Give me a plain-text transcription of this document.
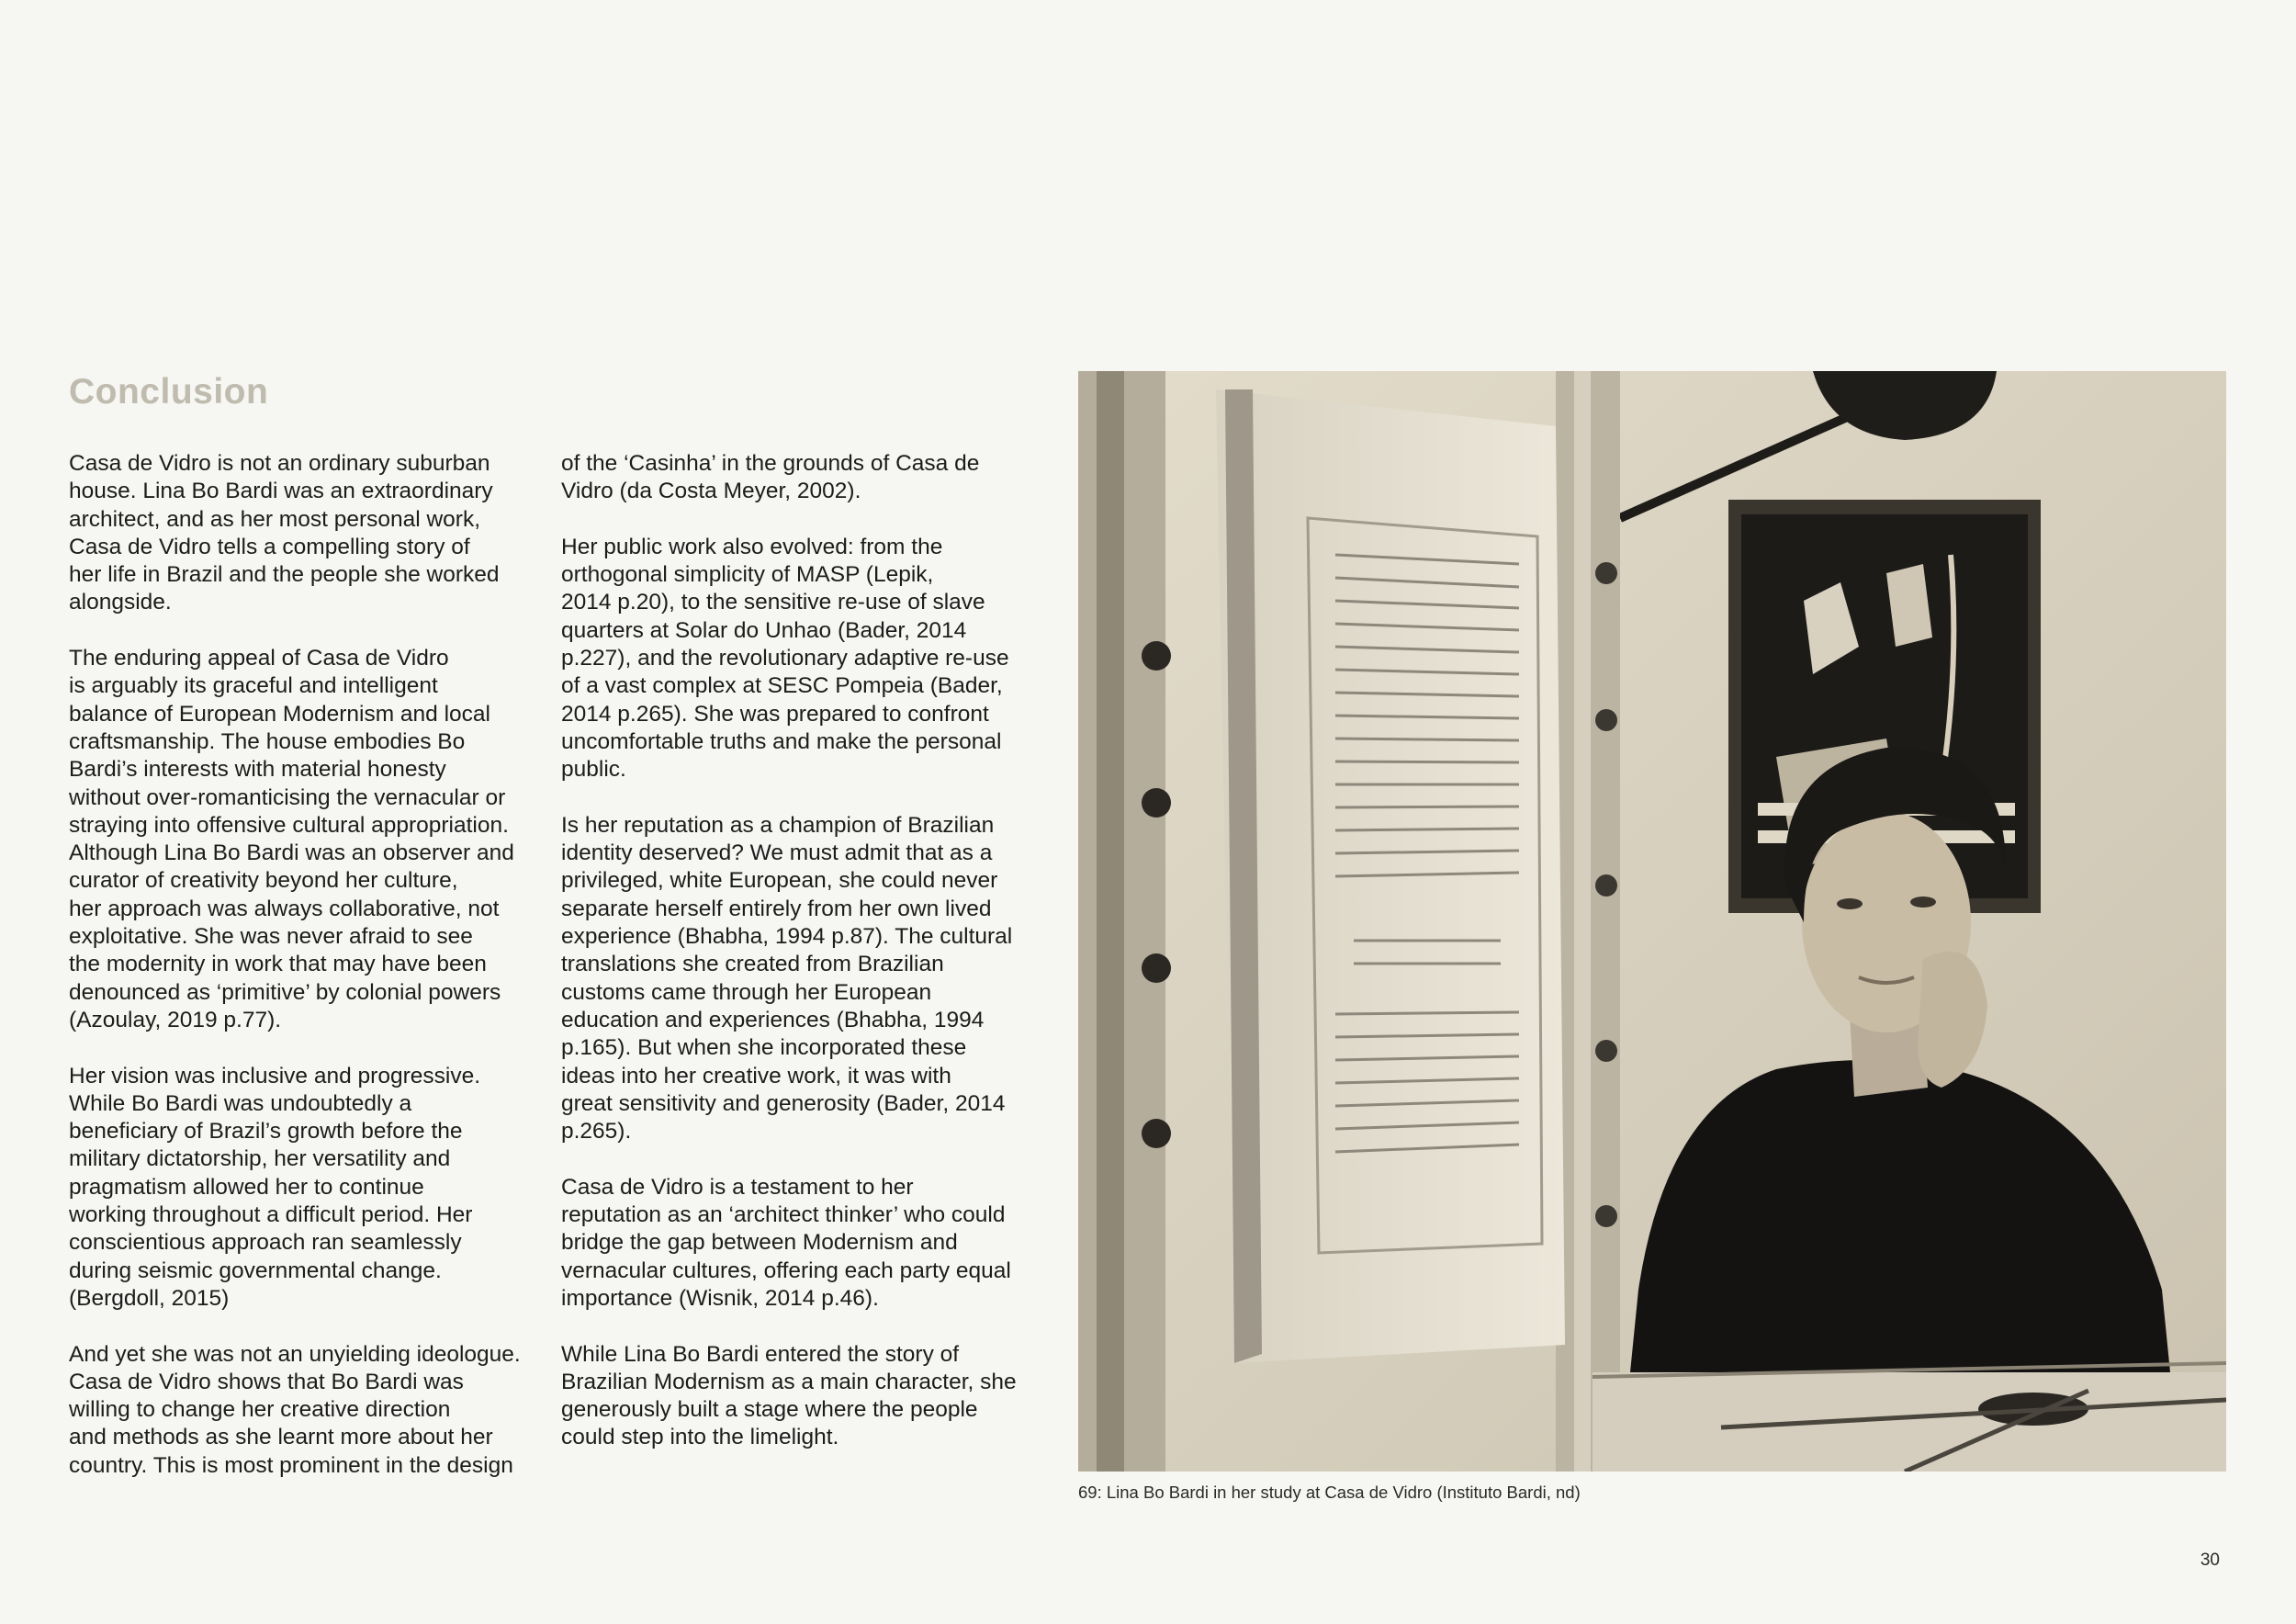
Conclusion

Casa de Vidro is not an ordinary suburban
house. Lina Bo Bardi was an extraordinary
architect, and as her most personal work,
Casa de Vidro tells a compelling story of
her life in Brazil and the people she worked
alongside.

The enduring appeal of Casa de Vidro
is arguably its graceful and intelligent
balance of European Modernism and local
craftsmanship. The house embodies Bo
Bardi’s interests with material honesty
without over-romanticising the vernacular or
straying into offensive cultural appropriation.
Although Lina Bo Bardi was an observer and
curator of creativity beyond her culture,
her approach was always collaborative, not
exploitative. She was never afraid to see
the modernity in work that may have been
denounced as ‘primitive’ by colonial powers
(Azoulay, 2019 p.77).

Her vision was inclusive and progressive.
While Bo Bardi was undoubtedly a
beneficiary of Brazil’s growth before the
military dictatorship, her versatility and
pragmatism allowed her to continue
working throughout a difficult period. Her
conscientious approach ran seamlessly
during seismic governmental change.
(Bergdoll, 2015)

And yet she was not an unyielding ideologue.
Casa de Vidro shows that Bo Bardi was
willing to change her creative direction
and methods as she learnt more about her
country. This is most prominent in the design

of the ‘Casinha’ in the grounds of Casa de
Vidro (da Costa Meyer, 2002).

Her public work also evolved: from the
orthogonal simplicity of MASP (Lepik,
2014 p.20), to the sensitive re-use of slave
quarters at Solar do Unhao (Bader, 2014
p.227), and the revolutionary adaptive re-use
of a vast complex at SESC Pompeia (Bader,
2014 p.265). She was prepared to confront
uncomfortable truths and make the personal
public.

Is her reputation as a champion of Brazilian
identity deserved? We must admit that as a
privileged, white European, she could never
separate herself entirely from her own lived
experience (Bhabha, 1994 p.87). The cultural
translations she created from Brazilian
customs came through her European
education and experiences (Bhabha, 1994
p.165). But when she incorporated these
ideas into her creative work, it was with
great sensitivity and generosity (Bader, 2014
p.265).

Casa de Vidro is a testament to her
reputation as an ‘architect thinker’ who could
bridge the gap between Modernism and
vernacular cultures, offering each party equal
importance (Wisnik, 2014 p.46).

While Lina Bo Bardi entered the story of
Brazilian Modernism as a main character, she
generously built a stage where the people
could step into the limelight.

69: Lina Bo Bardi in her study at Casa de Vidro (Instituto Bardi, nd)
30
